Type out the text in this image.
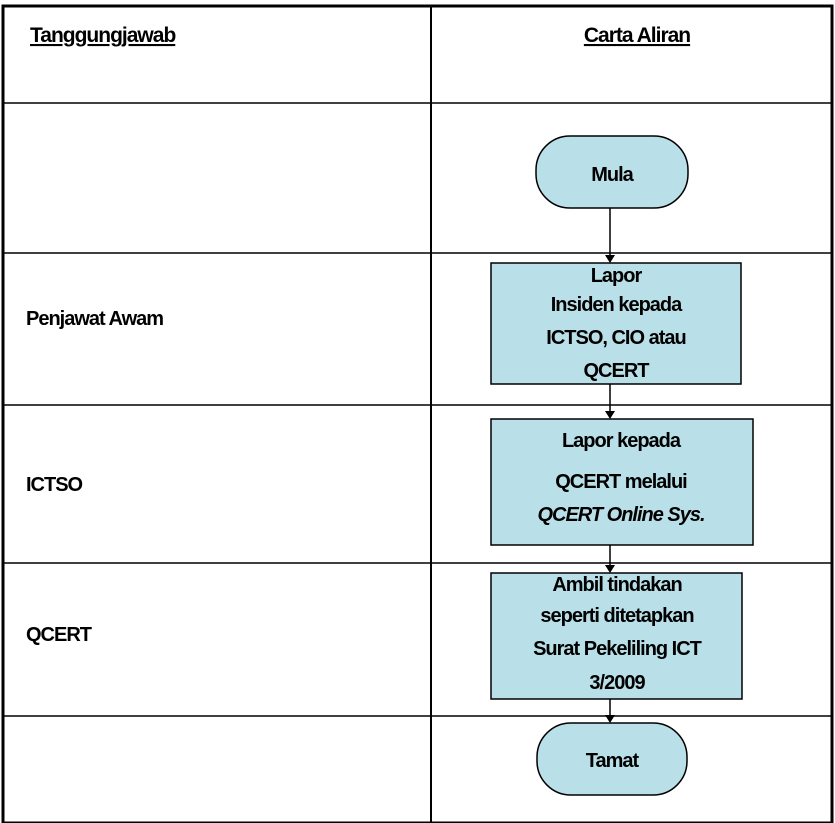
Tanggungjawab	Carta Aliran
Penjawat Awam
ICTSO
QCERT
Mula
Lapor
Insiden kepada
ICTSO, CIO atau
QCERT
Lapor kepada
QCERT melalui
QCERT Online Sys.
Ambil tindakan
seperti ditetapkan
Surat Pekeliling ICT
3/2009
Tamat
